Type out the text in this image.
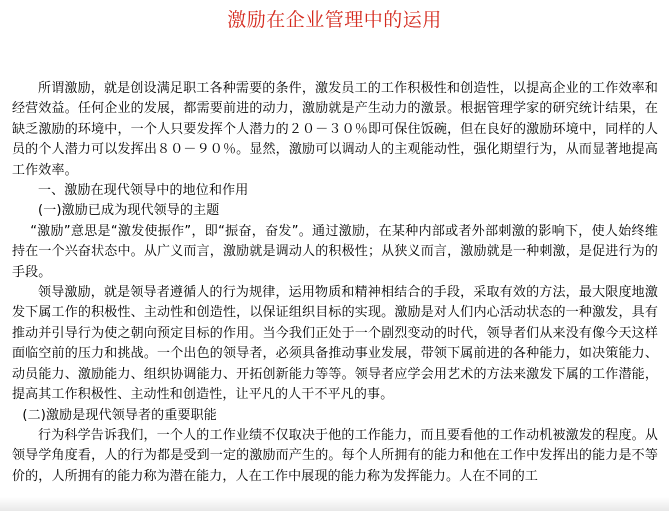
激励在企业管理中的运用

所谓激励，就是创设满足职工各种需要的条件，激发员工的工作积极性和创造性，以提高企业的工作效率和经营效益。任何企业的发展，都需要前进的动力，激励就是产生动力的激景。根据管理学家的研究统计结果，在缺乏激励的环境中，一个人只要发挥个人潜力的２０－３０％即可保住饭碗，但在良好的激励环境中，同样的人员的个人潜力可以发挥出８０－９０％。显然，激励可以调动人的主观能动性，强化期望行为，从而显著地提高工作效率。

一、激励在现代领导中的地位和作用

(一)激励已成为现代领导的主题

“激励”意思是“激发使振作”，即“振奋，奋发”。通过激励，在某种内部或者外部刺激的影响下，使人始终维持在一个兴奋状态中。从广义而言，激励就是调动人的积极性；从狭义而言，激励就是一种刺激，是促进行为的手段。

领导激励，就是领导者遵循人的行为规律，运用物质和精神相结合的手段，采取有效的方法，最大限度地激发下属工作的积极性、主动性和创造性，以保证组织目标的实现。激励是对人们内心活动状态的一种激发，具有推动并引导行为使之朝向预定目标的作用。当今我们正处于一个剧烈变动的时代，领导者们从来没有像今天这样面临空前的压力和挑战。一个出色的领导者，必须具备推动事业发展，带领下属前进的各种能力，如决策能力、动员能力、激励能力、组织协调能力、开拓创新能力等等。领导者应学会用艺术的方法来激发下属的工作潜能，提高其工作积极性、主动性和创造性，让平凡的人干不平凡的事。

(二)激励是现代领导者的重要职能

行为科学告诉我们，一个人的工作业绩不仅取决于他的工作能力，而且要看他的工作动机被激发的程度。从领导学角度看，人的行为都是受到一定的激励而产生的。每个人所拥有的能力和他在工作中发挥出的能力是不等价的，人所拥有的能力称为潜在能力，人在工作中展现的能力称为发挥能力。人在不同的工
